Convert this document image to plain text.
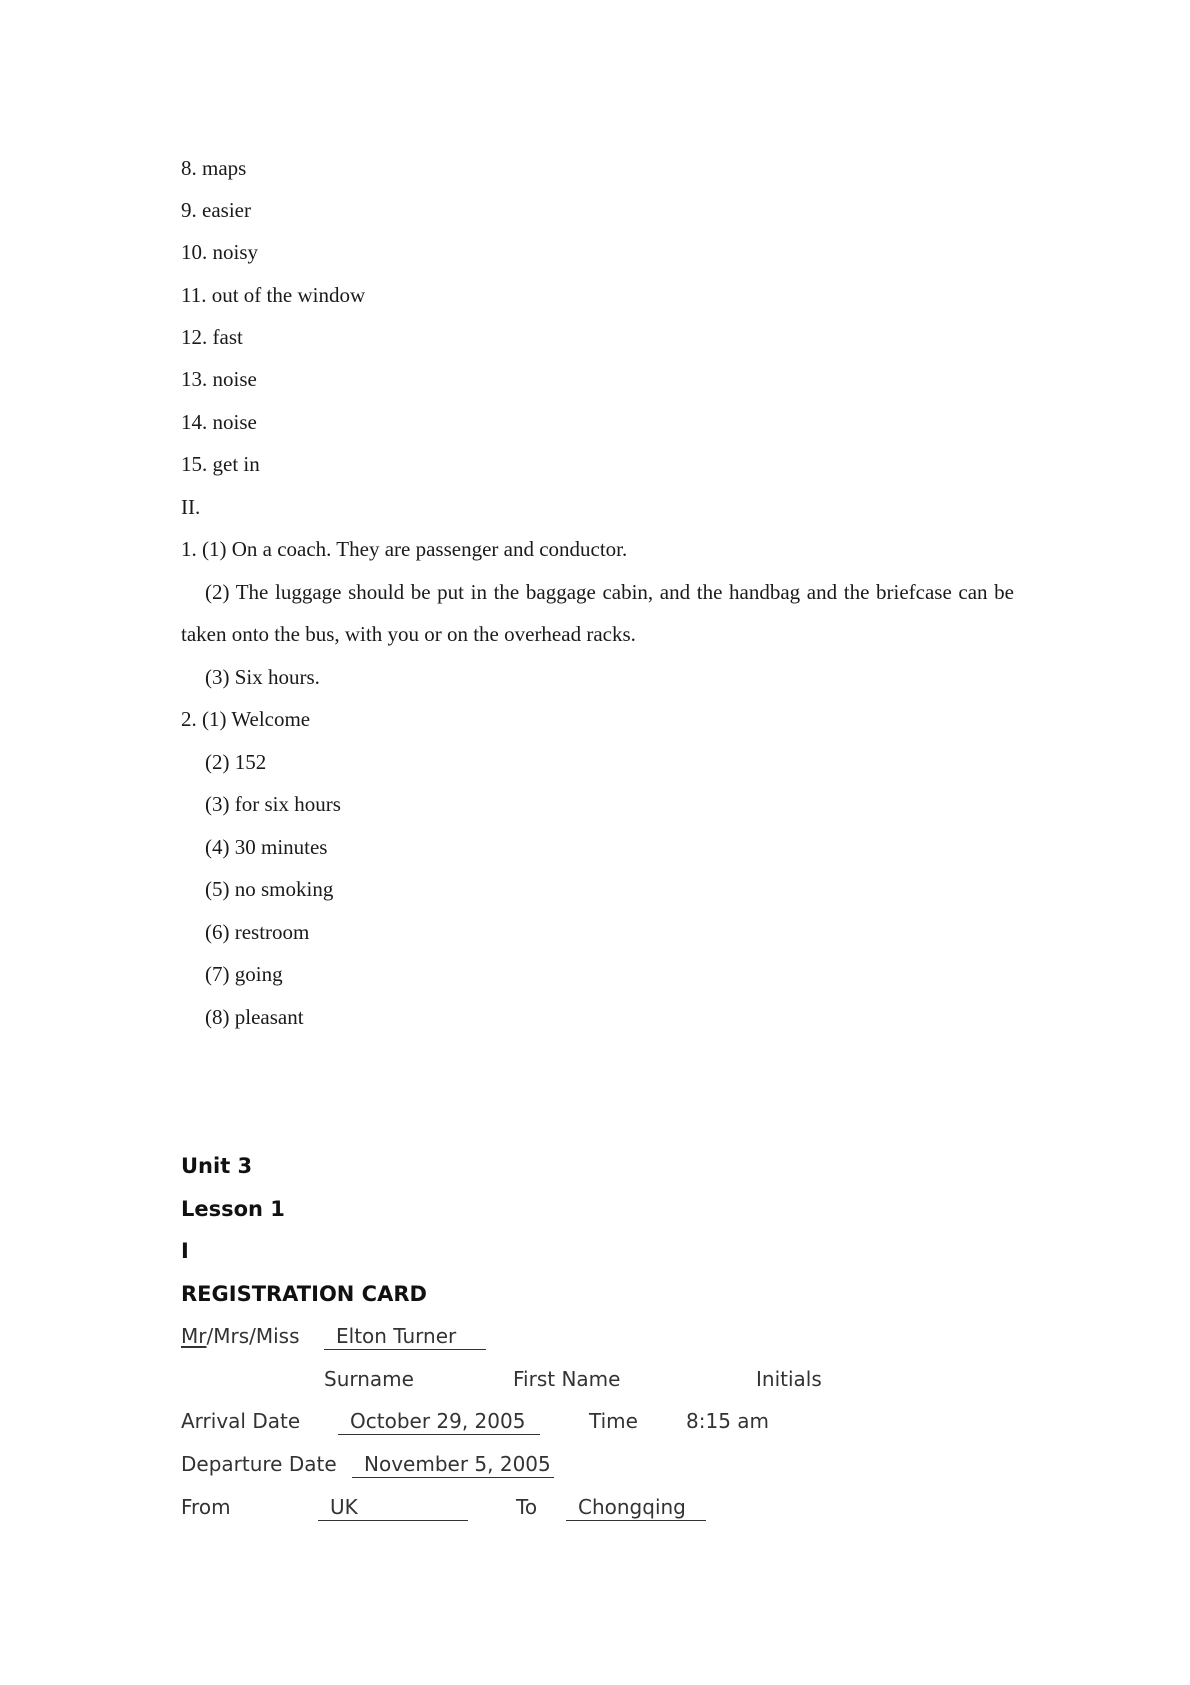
8. maps
9. easier
10. noisy
11. out of the window
12. fast
13. noise
14. noise
15. get in
II.
1. (1) On a coach. They are passenger and conductor.
(2) The luggage should be put in the baggage cabin, and the handbag and the briefcase can be taken onto the bus, with you or on the overhead racks.
(3) Six hours.
2. (1) Welcome
(2) 152
(3) for six hours
(4) 30 minutes
(5) no smoking
(6) restroom
(7) going
(8) pleasant
Unit 3
Lesson 1
I
REGISTRATION CARD
Mr/Mrs/Miss	Elton Turner
Surname	First Name	Initials
Arrival Date	October 29, 2005	Time 8:15 am
Departure Date	November 5, 2005
From	UK	To	Chongqing
